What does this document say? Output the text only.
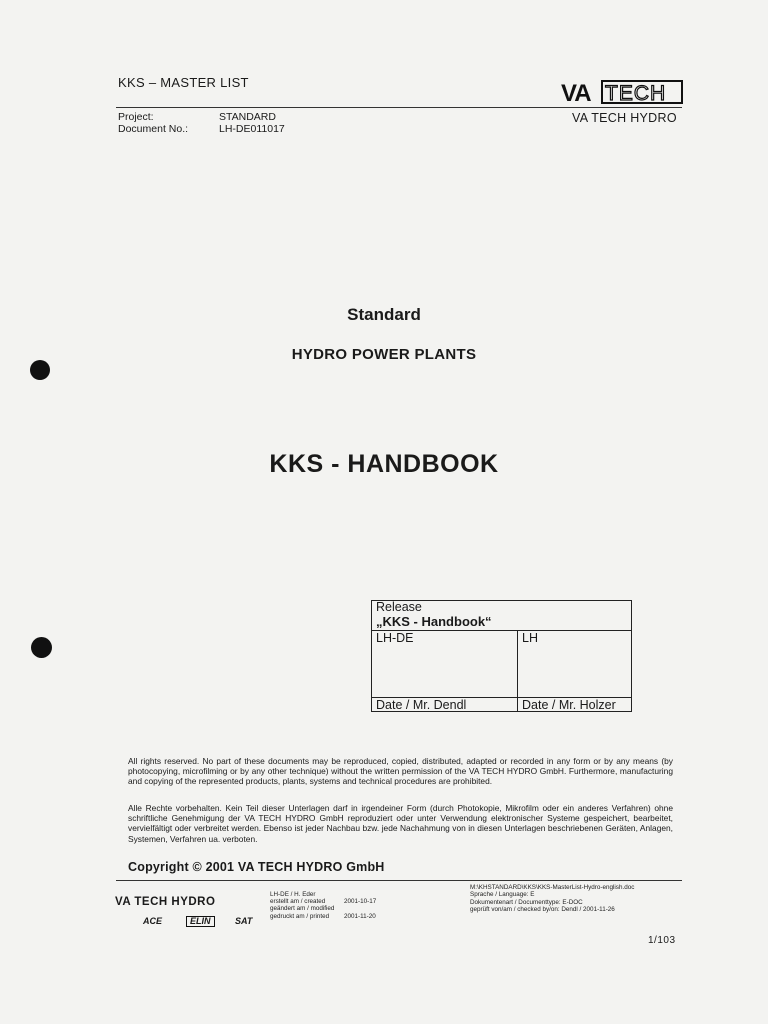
KKS – MASTER LIST
Project:	STANDARD
Document No.:	LH-DE011017
VA TECH
VA TECH HYDRO
Standard
HYDRO POWER PLANTS
KKS - HANDBOOK
Release
„KKS - Handbook“
LH-DE	LH
Date / Mr. Dendl	Date / Mr. Holzer
All rights reserved. No part of these documents may be reproduced, copied, distributed, adapted or recorded in any form or by any means (by photocopying, microfilming or by any other technique) without the written permission of the VA TECH HYDRO GmbH. Furthermore, manufacturing and copying of the represented products, plants, systems and technical procedures are prohibited.
Alle Rechte vorbehalten. Kein Teil dieser Unterlagen darf in irgendeiner Form (durch Photokopie, Mikrofilm oder ein anderes Verfahren) ohne schriftliche Genehmigung der VA TECH HYDRO GmbH reproduziert oder unter Verwendung elektronischer Systeme gespeichert, bearbeitet, vervielfältigt oder verbreitet werden. Ebenso ist jeder Nachbau bzw. jede Nachahmung von in diesen Unterlagen beschriebenen Geräten, Anlagen, Systemen, Verfahren ua. verboten.
Copyright © 2001 VA TECH HYDRO GmbH
VA TECH HYDRO
ACE	ELIN	SAT
LH-DE / H. Eder
erstellt am / created	2001-10-17
geändert am / modified
gedruckt am / printed 2001-11-20
M:\KHSTANDARD\KKS\KKS-MasterList-Hydro-english.doc
Sprache / Language: E
Dokumentenart / Documenttype: E-DOC
geprüft von/am / checked by/on: Dendl / 2001-11-26
1/103
